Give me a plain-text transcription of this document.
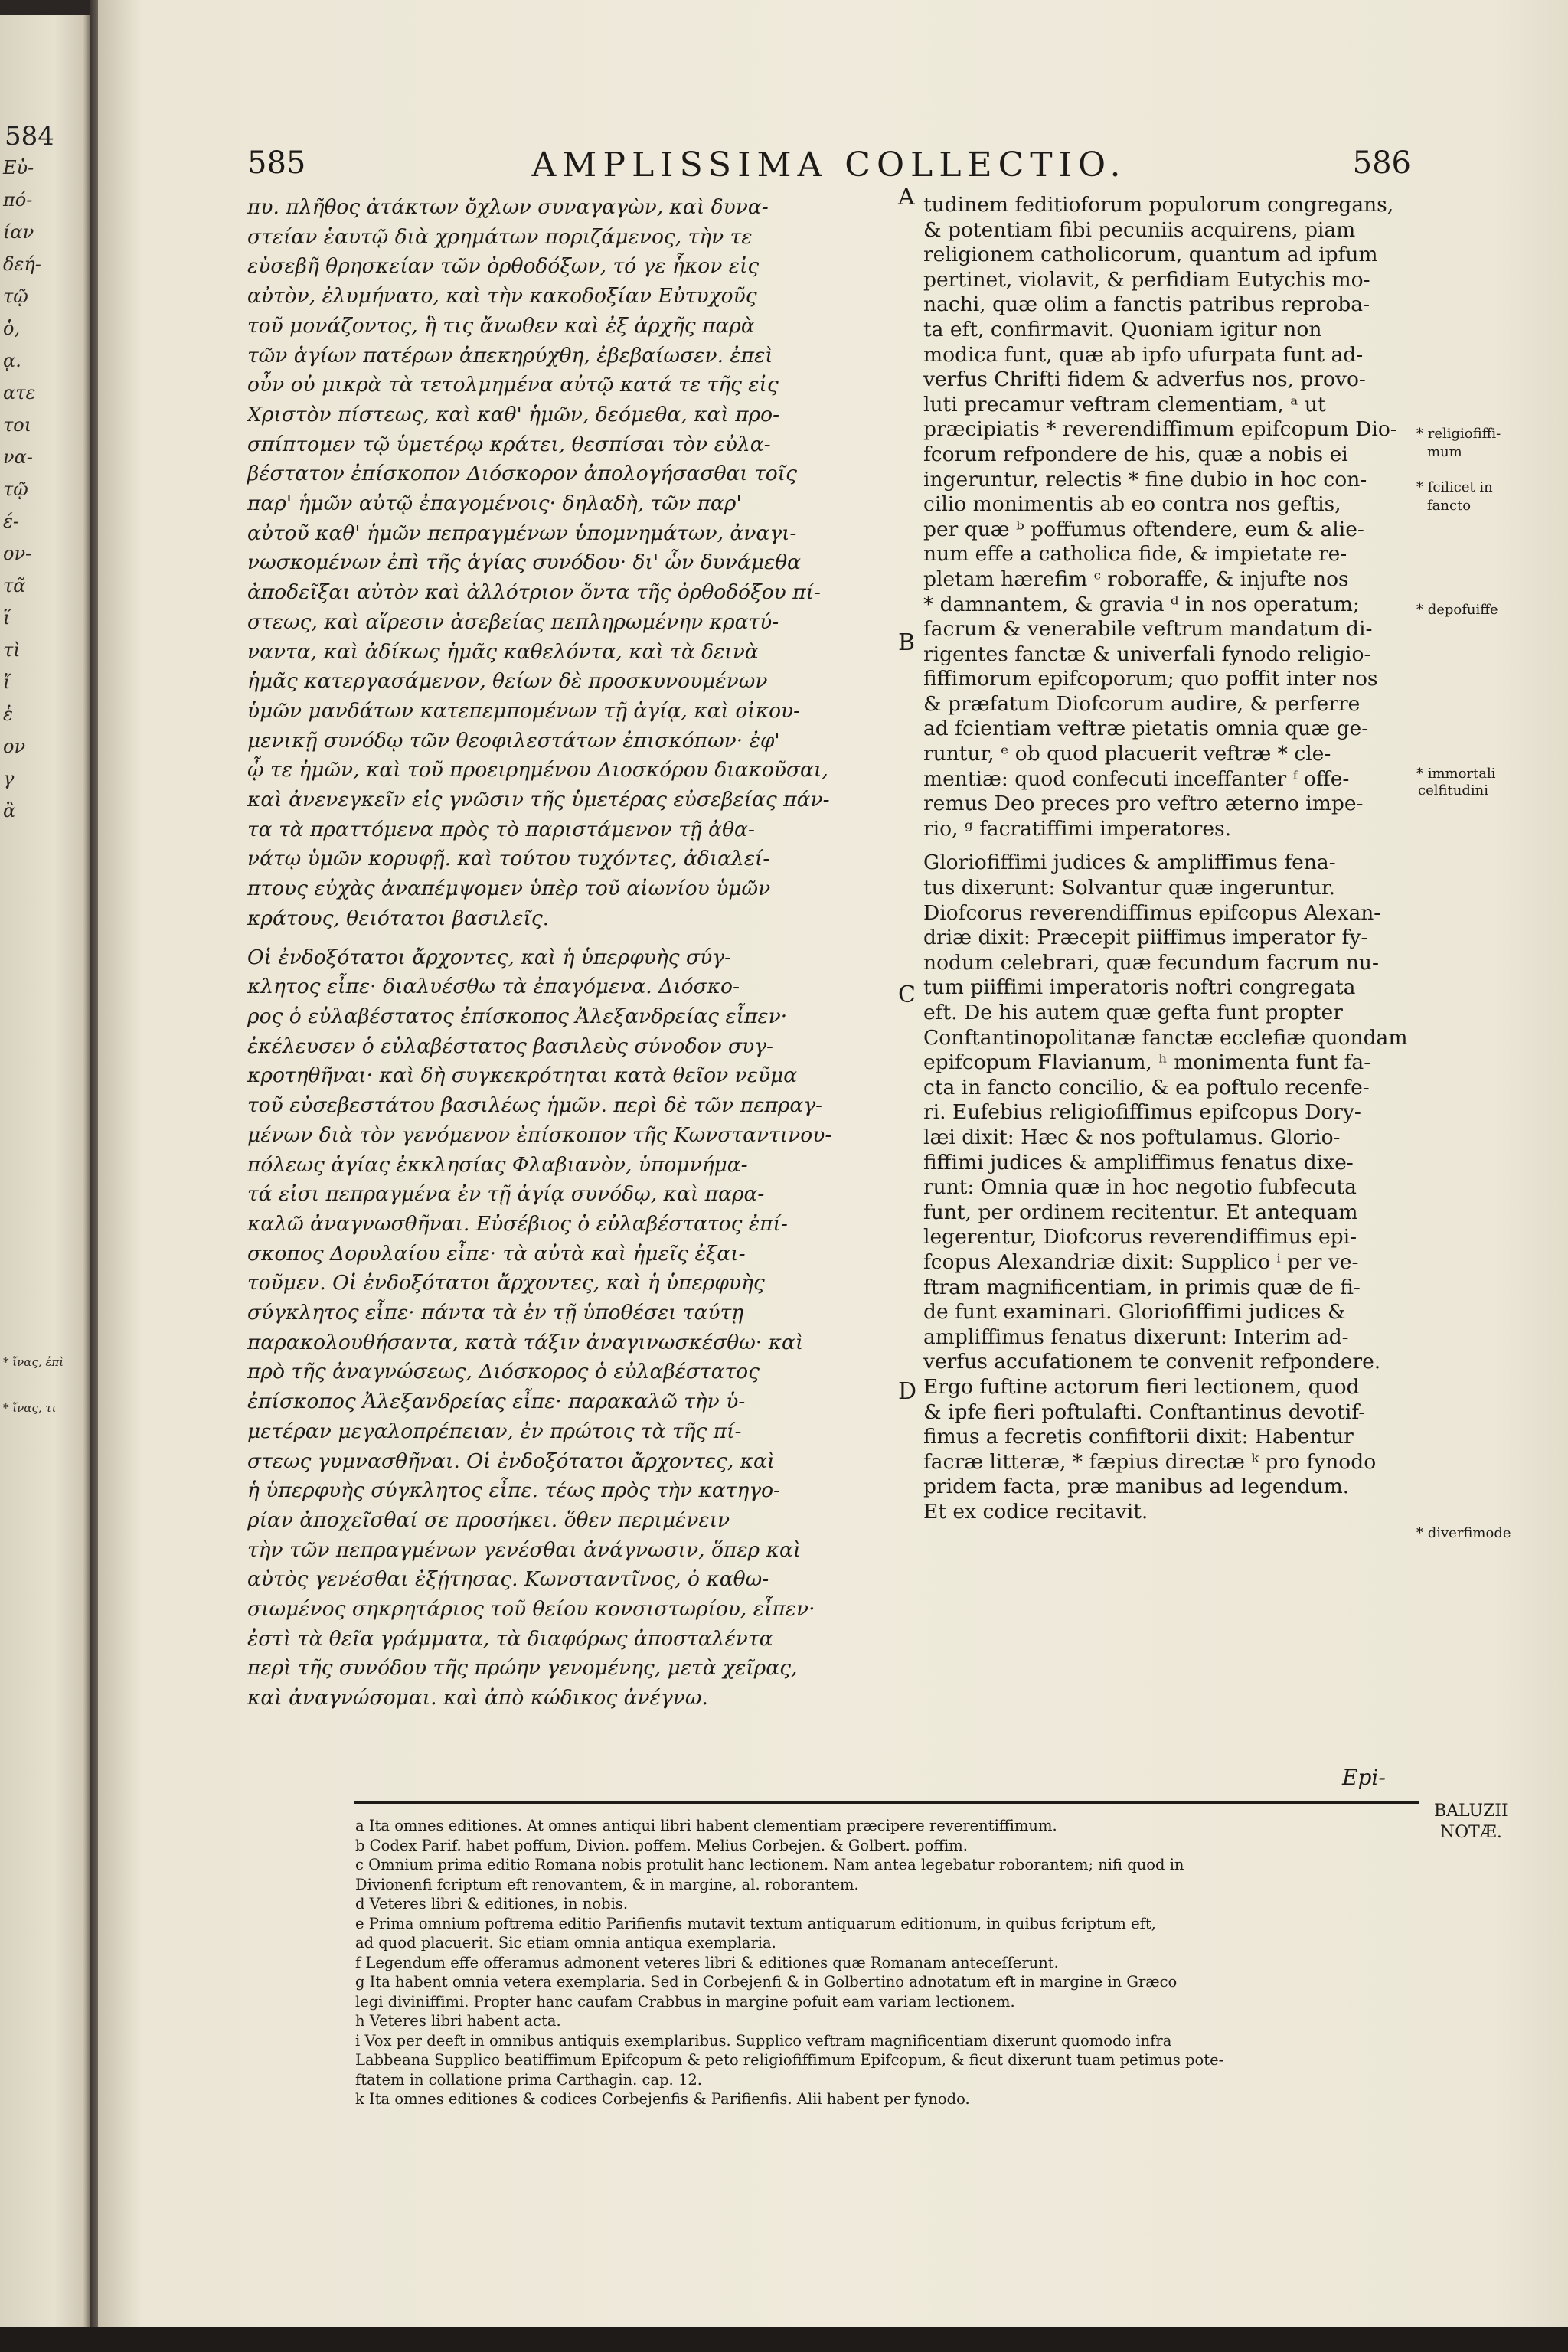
584
Εὐ-
πό-
ίαν
δεή-
τῷ
ὁ,
ᾳ.
ατε
τοι
να-
τῷ
έ-
ον-
τᾶ
ἵ
τὶ
ἴ
ἑ
ον
γ
ἂ
* ἵνας, ἐπὶ
* ἵνας, τι
585	AMPLISSIMA COLLECTIO.	586
πυ. πλῆθος ἀτάκτων ὄχλων συναγαγὼν, καὶ δυνα-
στείαν ἑαυτῷ διὰ χρημάτων ποριζάμενος, τὴν τε
εὐσεβῆ θρησκείαν τῶν ὀρθοδόξων, τό γε ἧκον εἰς
αὐτὸν, ἐλυμήνατο, καὶ τὴν κακοδοξίαν Εὐτυχοῦς
τοῦ μονάζοντος, ἣ τις ἄνωθεν καὶ ἐξ ἀρχῆς παρὰ
τῶν ἁγίων πατέρων ἀπεκηρύχθη, ἐβεβαίωσεν. ἐπεὶ
οὖν οὐ μικρὰ τὰ τετολμημένα αὐτῷ κατά τε τῆς εἰς
Χριστὸν πίστεως, καὶ καθ' ἡμῶν, δεόμεθα, καὶ προ-
σπίπτομεν τῷ ὑμετέρῳ κράτει, θεσπίσαι τὸν εὐλα-
βέστατον ἐπίσκοπον Διόσκορον ἀπολογήσασθαι τοῖς
παρ' ἡμῶν αὐτῷ ἐπαγομένοις· δηλαδὴ, τῶν παρ'
αὐτοῦ καθ' ἡμῶν πεπραγμένων ὑπομνημάτων, ἀναγι-
νωσκομένων ἐπὶ τῆς ἁγίας συνόδου· δι' ὧν δυνάμεθα
ἀποδεῖξαι αὐτὸν καὶ ἀλλότριον ὄντα τῆς ὀρθοδόξου πί-
στεως, καὶ αἵρεσιν ἀσεβείας πεπληρωμένην κρατύ-
ναντα, καὶ ἀδίκως ἡμᾶς καθελόντα, καὶ τὰ δεινὰ
ἡμᾶς κατεργασάμενον, θείων δὲ προσκυνουμένων
ὑμῶν μανδάτων κατεπεμπομένων τῇ ἁγίᾳ, καὶ οἰκου-
μενικῇ συνόδῳ τῶν θεοφιλεστάτων ἐπισκόπων· ἐφ'
ᾧ τε ἡμῶν, καὶ τοῦ προειρημένου Διοσκόρου διακοῦσαι,
καὶ ἀνενεγκεῖν εἰς γνῶσιν τῆς ὑμετέρας εὐσεβείας πάν-
τα τὰ πραττόμενα πρὸς τὸ παριστάμενον τῇ ἀθα-
νάτῳ ὑμῶν κορυφῇ. καὶ τούτου τυχόντες, ἀδιαλεί-
πτους εὐχὰς ἀναπέμψομεν ὑπὲρ τοῦ αἰωνίου ὑμῶν
κράτους, θειότατοι βασιλεῖς.
Οἱ ἐνδοξότατοι ἄρχοντες, καὶ ἡ ὑπερφυὴς σύγ-
κλητος εἶπε· διαλυέσθω τὰ ἐπαγόμενα. Διόσκο-
ρος ὁ εὐλαβέστατος ἐπίσκοπος Ἀλεξανδρείας εἶπεν·
ἐκέλευσεν ὁ εὐλαβέστατος βασιλεὺς σύνοδον συγ-
κροτηθῆναι· καὶ δὴ συγκεκρότηται κατὰ θεῖον νεῦμα
τοῦ εὐσεβεστάτου βασιλέως ἡμῶν. περὶ δὲ τῶν πεπραγ-
μένων διὰ τὸν γενόμενον ἐπίσκοπον τῆς Κωνσταντινου-
πόλεως ἁγίας ἐκκλησίας Φλαβιανὸν, ὑπομνήμα-
τά εἰσι πεπραγμένα ἐν τῇ ἁγίᾳ συνόδῳ, καὶ παρα-
καλῶ ἀναγνωσθῆναι. Εὐσέβιος ὁ εὐλαβέστατος ἐπί-
σκοπος Δορυλαίου εἶπε· τὰ αὐτὰ καὶ ἡμεῖς ἐξαι-
τοῦμεν. Οἱ ἐνδοξότατοι ἄρχοντες, καὶ ἡ ὑπερφυὴς
σύγκλητος εἶπε· πάντα τὰ ἐν τῇ ὑποθέσει ταύτῃ
παρακολουθήσαντα, κατὰ τάξιν ἀναγινωσκέσθω· καὶ
πρὸ τῆς ἀναγνώσεως, Διόσκορος ὁ εὐλαβέστατος
ἐπίσκοπος Ἀλεξανδρείας εἶπε· παρακαλῶ τὴν ὑ-
μετέραν μεγαλοπρέπειαν, ἐν πρώτοις τὰ τῆς πί-
στεως γυμνασθῆναι. Οἱ ἐνδοξότατοι ἄρχοντες, καὶ
ἡ ὑπερφυὴς σύγκλητος εἶπε. τέως πρὸς τὴν κατηγο-
ρίαν ἀποχεῖσθαί σε προσήκει. ὅθεν περιμένειν
τὴν τῶν πεπραγμένων γενέσθαι ἀνάγνωσιν, ὅπερ καὶ
αὐτὸς γενέσθαι ἐξῄτησας. Κωνσταντῖνος, ὁ καθω-
σιωμένος σηκρητάριος τοῦ θείου κονσιστωρίου, εἶπεν·
ἐστὶ τὰ θεῖα γράμματα, τὰ διαφόρως ἀποσταλέντα
περὶ τῆς συνόδου τῆς πρώην γενομένης, μετὰ χεῖρας,
καὶ ἀναγνώσομαι. καὶ ἀπὸ κώδικος ἀνέγνω.
tudinem feditioforum populorum congregans,
& potentiam fibi pecuniis acquirens, piam
religionem catholicorum, quantum ad ipfum
pertinet, violavit, & perfidiam Eutychis mo-
nachi, quæ olim a fanctis patribus reproba-
ta eft, confirmavit. Quoniam igitur non
modica funt, quæ ab ipfo ufurpata funt ad-
verfus Chrifti fidem & adverfus nos, provo-
luti precamur veftram clementiam, ᵃ ut
præcipiatis * reverendiffimum epifcopum Dio-
fcorum refpondere de his, quæ a nobis ei
ingeruntur, relectis * fine dubio in hoc con-
cilio monimentis ab eo contra nos geftis,
per quæ ᵇ poffumus oftendere, eum & alie-
num effe a catholica fide, & impietate re-
pletam hærefim ᶜ roboraffe, & injufte nos
* damnantem, & gravia ᵈ in nos operatum;
facrum & venerabile veftrum mandatum di-
rigentes fanctæ & univerfali fynodo religio-
fiffimorum epifcoporum; quo poffit inter nos
& præfatum Diofcorum audire, & perferre
ad fcientiam veftræ pietatis omnia quæ ge-
runtur, ᵉ ob quod placuerit veftræ * cle-
mentiæ: quod confecuti inceffanter ᶠ offe-
remus Deo preces pro veftro æterno impe-
rio, ᵍ facratiffimi imperatores.
Gloriofiffimi judices & ampliffimus fena-
tus dixerunt: Solvantur quæ ingeruntur.
Diofcorus reverendiffimus epifcopus Alexan-
driæ dixit: Præcepit piiffimus imperator fy-
nodum celebrari, quæ fecundum facrum nu-
tum piiffimi imperatoris noftri congregata
eft. De his autem quæ gefta funt propter
Conftantinopolitanæ fanctæ ecclefiæ quondam
epifcopum Flavianum, ʰ monimenta funt fa-
cta in fancto concilio, & ea poftulo recenfe-
ri. Eufebius religiofiffimus epifcopus Dory-
læi dixit: Hæc & nos poftulamus. Glorio-
fiffimi judices & ampliffimus fenatus dixe-
runt: Omnia quæ in hoc negotio fubfecuta
funt, per ordinem recitentur. Et antequam
legerentur, Diofcorus reverendiffimus epi-
fcopus Alexandriæ dixit: Supplico ⁱ per ve-
ftram magnificentiam, in primis quæ de fi-
de funt examinari. Gloriofiffimi judices &
ampliffimus fenatus dixerunt: Interim ad-
verfus accufationem te convenit refpondere.
Ergo fuftine actorum fieri lectionem, quod
& ipfe fieri poftulafti. Conftantinus devotif-
fimus a fecretis confiftorii dixit: Habentur
facræ litteræ, * fæpius directæ ᵏ pro fynodo
pridem facta, præ manibus ad legendum.
Et ex codice recitavit.
A
B
C
D
* religiofiffi-
mum
* fcilicet in
fancto
* depofuiffe
* immortali
celfitudini
* diverfimode
Epi-
BALUZII
NOTÆ.
a Ita omnes editiones. At omnes antiqui libri habent clementiam præcipere reverentiffimum.
b Codex Parif. habet poffum, Divion. poffem. Melius Corbejen. & Golbert. poffim.
c Omnium prima editio Romana nobis protulit hanc lectionem. Nam antea legebatur roborantem; nifi quod in
Divionenfi fcriptum eft renovantem, & in margine, al. roborantem.
d Veteres libri & editiones, in nobis.
e Prima omnium poftrema editio Parifienfis mutavit textum antiquarum editionum, in quibus fcriptum eft,
ad quod placuerit. Sic etiam omnia antiqua exemplaria.
f Legendum effe offeramus admonent veteres libri & editiones quæ Romanam anteceſſerunt.
g Ita habent omnia vetera exemplaria. Sed in Corbejenfi & in Golbertino adnotatum eft in margine in Græco
legi diviniffimi. Propter hanc caufam Crabbus in margine pofuit eam variam lectionem.
h Veteres libri habent acta.
i Vox per deeft in omnibus antiquis exemplaribus. Supplico veftram magnificentiam dixerunt quomodo infra
Labbeana Supplico beatiffimum Epifcopum & peto religiofiffimum Epifcopum, & ficut dixerunt tuam petimus pote-
ftatem in collatione prima Carthagin. cap. 12.
k Ita omnes editiones & codices Corbejenfis & Parifienfis. Alii habent per fynodo.
